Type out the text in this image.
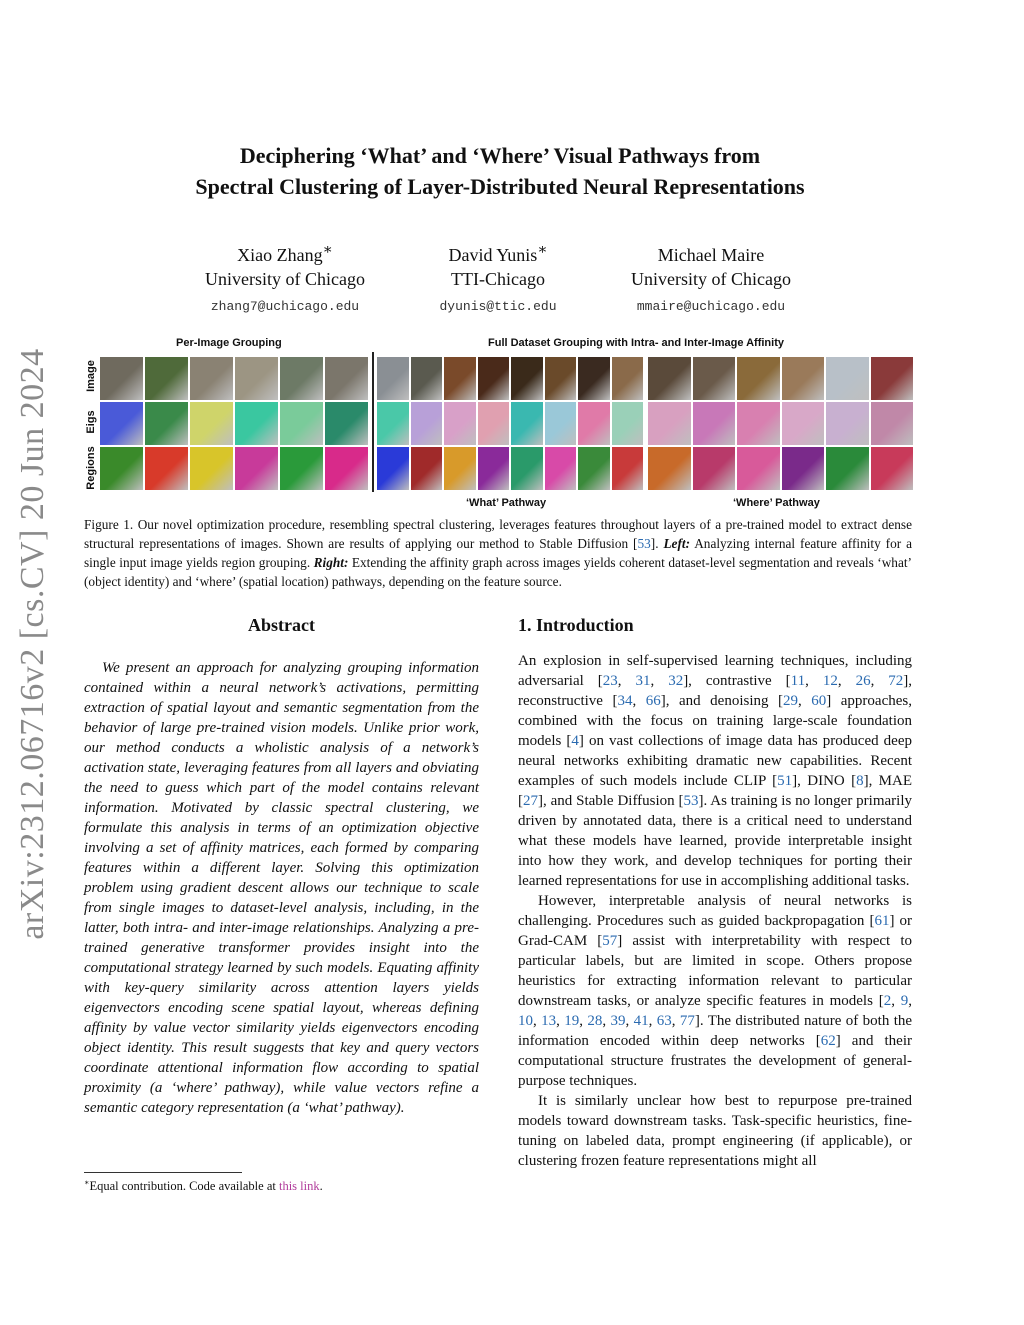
Deciphering ‘What’ and ‘Where’ Visual Pathways from
Spectral Clustering of Layer-Distributed Neural Representations
Xiao Zhang∗
University of Chicago
zhang7@uchicago.edu
David Yunis∗
TTI-Chicago
dyunis@ttic.edu
Michael Maire
University of Chicago
mmaire@uchicago.edu
arXiv:2312.06716v2 [cs.CV] 20 Jun 2024
Per-Image Grouping	Full Dataset Grouping with Intra- and Inter-Image Affinity
Image
Eigs
Regions
‘What’ Pathway	‘Where’ Pathway
Figure 1. Our novel optimization procedure, resembling spectral clustering, leverages features throughout layers of a pre-trained model to extract dense structural representations of images. Shown are results of applying our method to Stable Diffusion [53]. Left: Analyzing internal feature affinity for a single input image yields region grouping. Right: Extending the affinity graph across images yields coherent dataset-level segmentation and reveals ‘what’ (object identity) and ‘where’ (spatial location) pathways, depending on the feature source.
Abstract
We present an approach for analyzing grouping information contained within a neural network’s activations, permitting extraction of spatial layout and semantic segmentation from the behavior of large pre-trained vision models. Unlike prior work, our method conducts a wholistic analysis of a network’s activation state, leveraging features from all layers and obviating the need to guess which part of the model contains relevant information. Motivated by classic spectral clustering, we formulate this analysis in terms of an optimization objective involving a set of affinity matrices, each formed by comparing features within a different layer. Solving this optimization problem using gradient descent allows our technique to scale from single images to dataset-level analysis, including, in the latter, both intra- and inter-image relationships. Analyzing a pre-trained generative transformer provides insight into the computational strategy learned by such models. Equating affinity with key-query similarity across attention layers yields eigenvectors encoding scene spatial layout, whereas defining affinity by value vector similarity yields eigenvectors encoding object identity. This result suggests that key and query vectors coordinate attentional information flow according to spatial proximity (a ‘where’ pathway), while value vectors refine a semantic category representation (a ‘what’ pathway).
1. Introduction

An explosion in self-supervised learning techniques, including adversarial [23, 31, 32], contrastive [11, 12, 26, 72], reconstructive [34, 66], and denoising [29, 60] approaches, combined with the focus on training large-scale foundation models [4] on vast collections of image data has produced deep neural networks exhibiting dramatic new capabilities. Recent examples of such models include CLIP [51], DINO [8], MAE [27], and Stable Diffusion [53]. As training is no longer primarily driven by annotated data, there is a critical need to understand what these models have learned, provide interpretable insight into how they work, and develop techniques for porting their learned representations for use in accomplishing additional tasks.

However, interpretable analysis of neural networks is challenging. Procedures such as guided backpropagation [61] or Grad-CAM [57] assist with interpretability with respect to particular labels, but are limited in scope. Others propose heuristics for extracting information relevant to particular downstream tasks, or analyze specific features in models [2, 9, 10, 13, 19, 28, 39, 41, 63, 77]. The distributed nature of both the information encoded within deep networks [62] and their computational structure frustrates the development of general-purpose techniques.

It is similarly unclear how best to repurpose pre-trained models toward downstream tasks. Task-specific heuristics, fine-tuning on labeled data, prompt engineering (if applicable), or clustering frozen feature representations might all

∗Equal contribution. Code available at this link.
